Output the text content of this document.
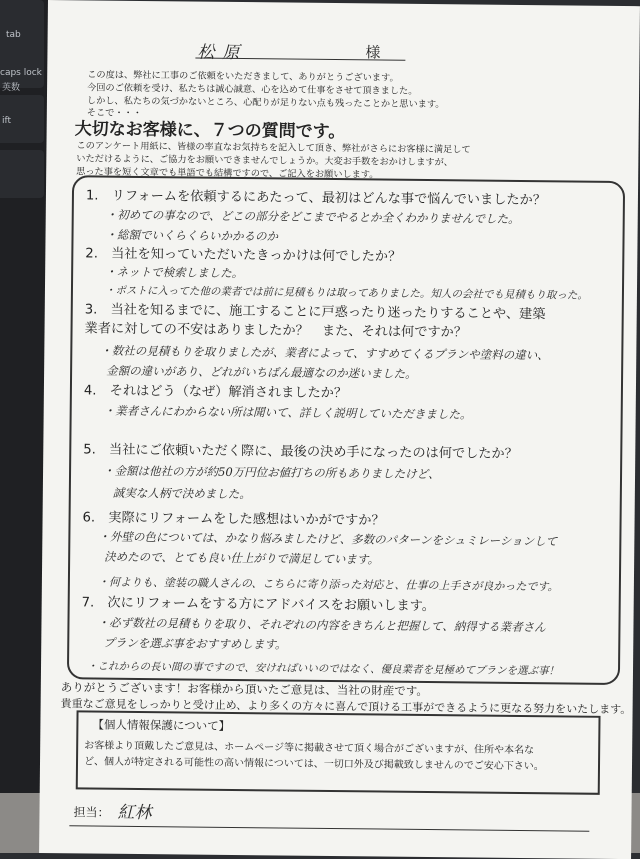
tab
caps lock
英数
ift
松原	様
この度は、弊社に工事のご依頼をいただきまして、ありがとうございます。
今回のご依頼を受け、私たちは誠心誠意、心を込めて仕事をさせて頂きました。
しかし、私たちの気づかないところ、心配りが足りない点も残ったことかと思います。
そこで・・・
大切なお客様に、７つの質問です。
このアンケート用紙に、皆様の率直なお気持ちを記入して頂き、弊社がさらにお客様に満足して
いただけるように、ご協力をお願いできませんでしょうか。大変お手数をおかけしますが、
思った事を短く文章でも単語でも結構ですので、ご記入をお願いします。
1.　リフォームを依頼するにあたって、最初はどんな事で悩んでいましたか？
・初めての事なので、どこの部分をどこまでやるとか全くわかりませんでした。
・総額でいくらくらいかかるのか
2.　当社を知っていただいたきっかけは何でしたか？
・ネットで検索しました。
・ポストに入ってた他の業者では前に見積もりは取ってありました。知人の会社でも見積もり取った。
3.　当社を知るまでに、施工することに戸惑ったり迷ったりすることや、建築業者に対しての不安はありましたか？　また、それは何ですか？
・数社の見積もりを取りましたが、業者によって、すすめてくるプランや塗料の違い、
金額の違いがあり、どれがいちばん最適なのか迷いました。
4.　それはどう（なぜ）解消されましたか？
・業者さんにわからない所は聞いて、詳しく説明していただきました。
5.　当社にご依頼いただく際に、最後の決め手になったのは何でしたか？
・金額は他社の方が約50万円位お値打ちの所もありましたけど、
誠実な人柄で決めました。
6.　実際にリフォームをした感想はいかがですか？
・外壁の色については、かなり悩みましたけど、多数のパターンをシュミレーションして
決めたので、とても良い仕上がりで満足しています。
・何よりも、塗装の職人さんの、こちらに寄り添った対応と、仕事の上手さが良かったです。
7.　次にリフォームをする方にアドバイスをお願いします。
・必ず数社の見積もりを取り、それぞれの内容をきちんと把握して、納得する業者さん
プランを選ぶ事をおすすめします。
・これからの長い間の事ですので、安ければいいのではなく、優良業者を見極めてプランを選ぶ事！
ありがとうございます！お客様から頂いたご意見は、当社の財産です。
貴重なご意見をしっかりと受け止め、より多くの方々に喜んで頂ける工事ができるように更なる努力をいたします。
【個人情報保護について】
お客様より頂戴したご意見は、ホームページ等に掲載させて頂く場合がございますが、住所や本名な
ど、個人が特定される可能性の高い情報については、一切口外及び掲載致しませんのでご安心下さい。
担当： 紅林
